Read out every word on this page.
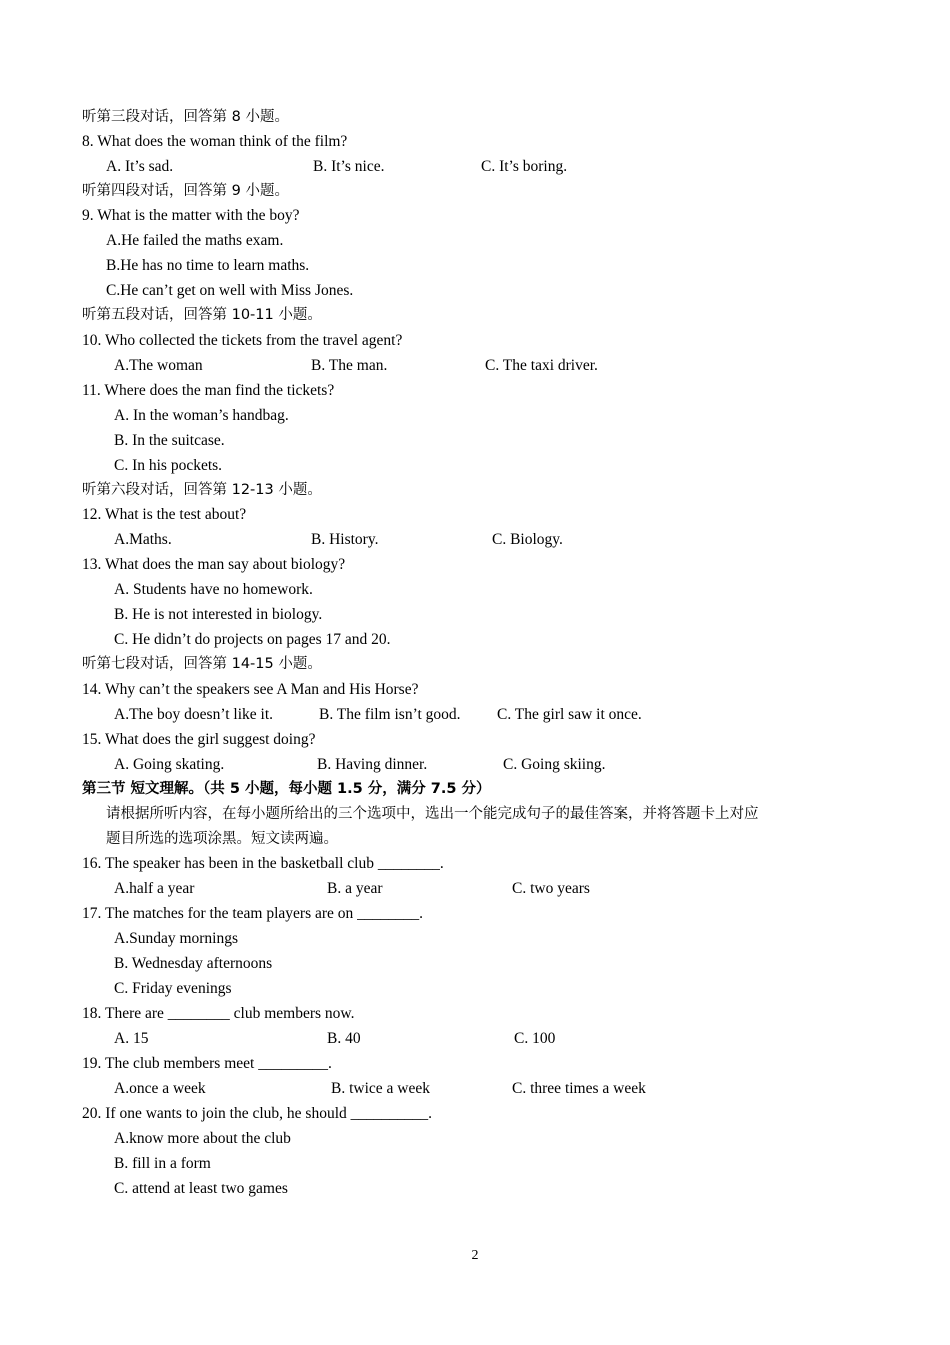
听第三段对话，回答第 8 小题。
8. What does the woman think of the film?
A. It’s sad.	B. It’s nice.	C. It’s boring.
听第四段对话，回答第 9 小题。
9. What is the matter with the boy?
A.He failed the maths exam.
B.He has no time to learn maths.
C.He can’t get on well with Miss Jones.
听第五段对话，回答第 10-11 小题。
10. Who collected the tickets from the travel agent?
A.The woman	B. The man.	C. The taxi driver.
11. Where does the man find the tickets?
A. In the woman’s handbag.
B. In the suitcase.
C. In his pockets.
听第六段对话，回答第 12-13 小题。
12. What is the test about?
A.Maths.	B. History.	C. Biology.
13. What does the man say about biology?
A. Students have no homework.
B. He is not interested in biology.
C. He didn’t do projects on pages 17 and 20.
听第七段对话，回答第 14-15 小题。
14. Why can’t the speakers see A Man and His Horse?
A.The boy doesn’t like it.	B. The film isn’t good. C. The girl saw it once.
15. What does the girl suggest doing?
A. Going skating.	B. Having dinner.	C. Going skiing.
第三节 短文理解。（共 5 小题，每小题 1.5 分，满分 7.5 分）
请根据所听内容，在每小题所给出的三个选项中，选出一个能完成句子的最佳答案，并将答题卡上对应
题目所选的选项涂黑。短文读两遍。
16. The speaker has been in the basketball club ________.
A.half a year	B. a year	C. two years
17. The matches for the team players are on ________.
A.Sunday mornings
B. Wednesday afternoons
C. Friday evenings
18. There are ________ club members now.
A. 15	B. 40	C. 100
19. The club members meet _________.
A.once a week	B. twice a week	C. three times a week
20. If one wants to join the club, he should __________.
A.know more about the club
B. fill in a form
C. attend at least two games
2
